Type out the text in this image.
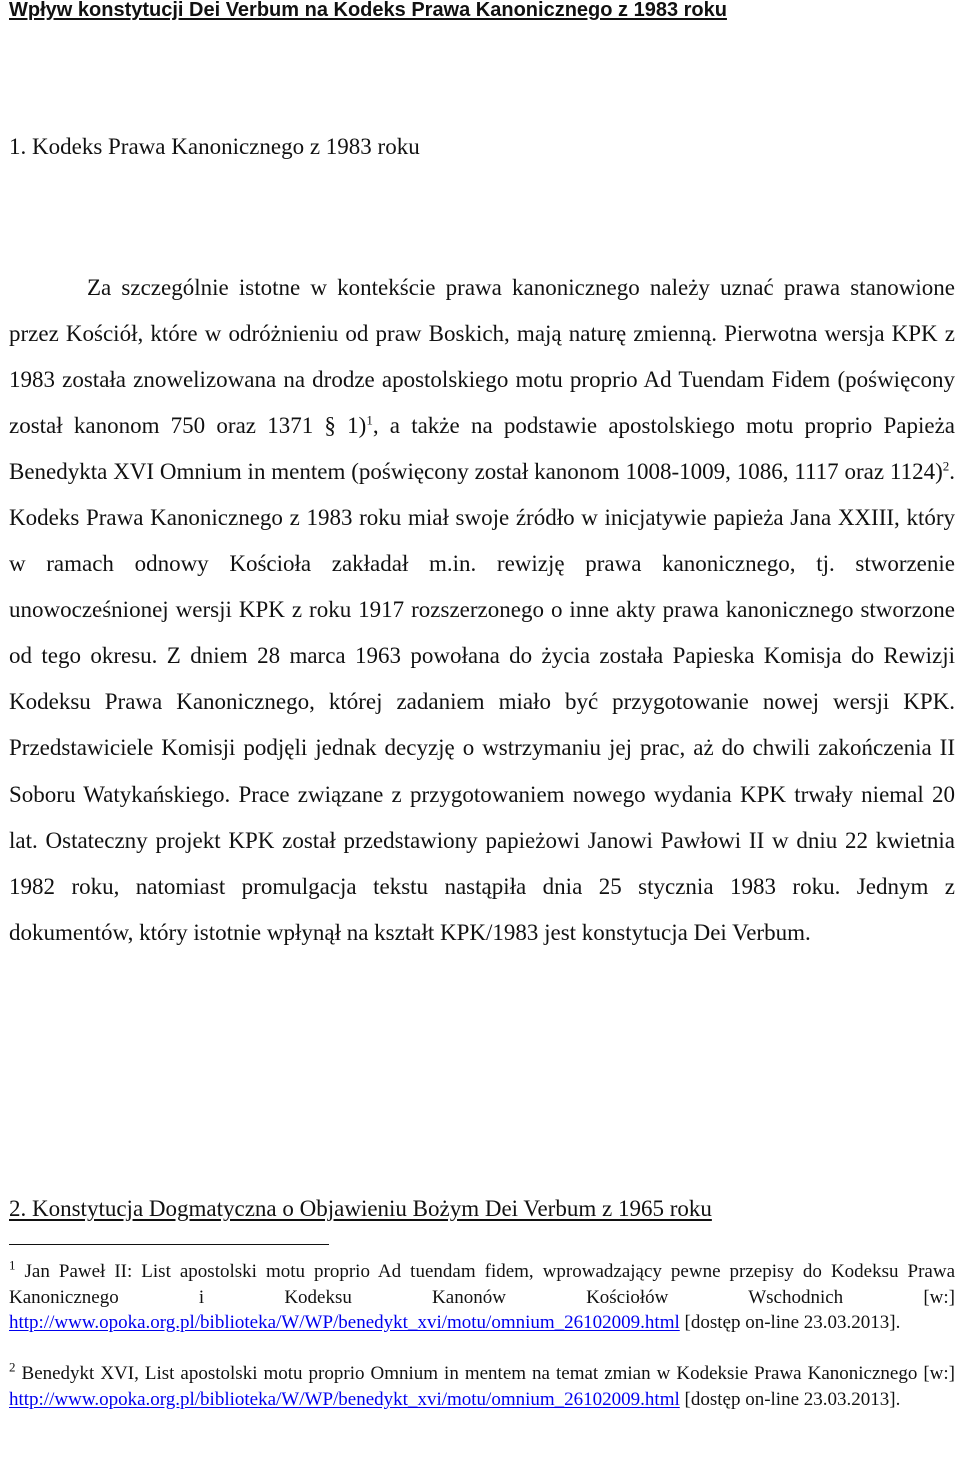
Wpływ konstytucji Dei Verbum na Kodeks Prawa Kanonicznego z 1983 roku
1. Kodeks Prawa Kanonicznego z 1983 roku

Za szczególnie istotne w kontekście prawa kanonicznego należy uznać prawa stanowione przez Kościół, które w odróżnieniu od praw Boskich, mają naturę zmienną. Pierwotna wersja KPK z 1983 została znowelizowana na drodze apostolskiego motu proprio Ad Tuendam Fidem (poświęcony został kanonom 750 oraz 1371 § 1)$^1$, a także na podstawie apostolskiego motu proprio Papieża Benedykta XVI Omnium in mentem (poświęcony został kanonom 1008-1009, 1086, 1117 oraz 1124)$^2$. Kodeks Prawa Kanonicznego z 1983 roku miał swoje źródło w inicjatywie papieża Jana XXIII, który w ramach odnowy Kościoła zakładał m.in. rewizję prawa kanonicznego, tj. stworzenie unowocześnionej wersji KPK z roku 1917 rozszerzonego o inne akty prawa kanonicznego stworzone od tego okresu. Z dniem 28 marca 1963 powołana do życia została Papieska Komisja do Rewizji Kodeksu Prawa Kanonicznego, której zadaniem miało być przygotowanie nowej wersji KPK. Przedstawiciele Komisji podjęli jednak decyzję o wstrzymaniu jej prac, aż do chwili zakończenia II Soboru Watykańskiego. Prace związane z przygotowaniem nowego wydania KPK trwały niemal 20 lat. Ostateczny projekt KPK został przedstawiony papieżowi Janowi Pawłowi II w dniu 22 kwietnia 1982 roku, natomiast promulgacja tekstu nastąpiła dnia 25 stycznia 1983 roku. Jednym z dokumentów, który istotnie wpłynął na kształt KPK/1983 jest konstytucja Dei Verbum.

2. Konstytucja Dogmatyczna o Objawieniu Bożym Dei Verbum z 1965 roku

$^1$ Jan Paweł II: List apostolski motu proprio Ad tuendam fidem, wprowadzający pewne przepisy do Kodeksu Prawa Kanonicznego i Kodeksu Kanonów Kościołów Wschodnich [w:] http://www.opoka.org.pl/biblioteka/W/WP/benedykt_xvi/motu/omnium_26102009.html [dostęp on-line 23.03.2013].

$^2$ Benedykt XVI, List apostolski motu proprio Omnium in mentem na temat zmian w Kodeksie Prawa Kanonicznego [w:] http://www.opoka.org.pl/biblioteka/W/WP/benedykt_xvi/motu/omnium_26102009.html [dostęp on-line 23.03.2013].
